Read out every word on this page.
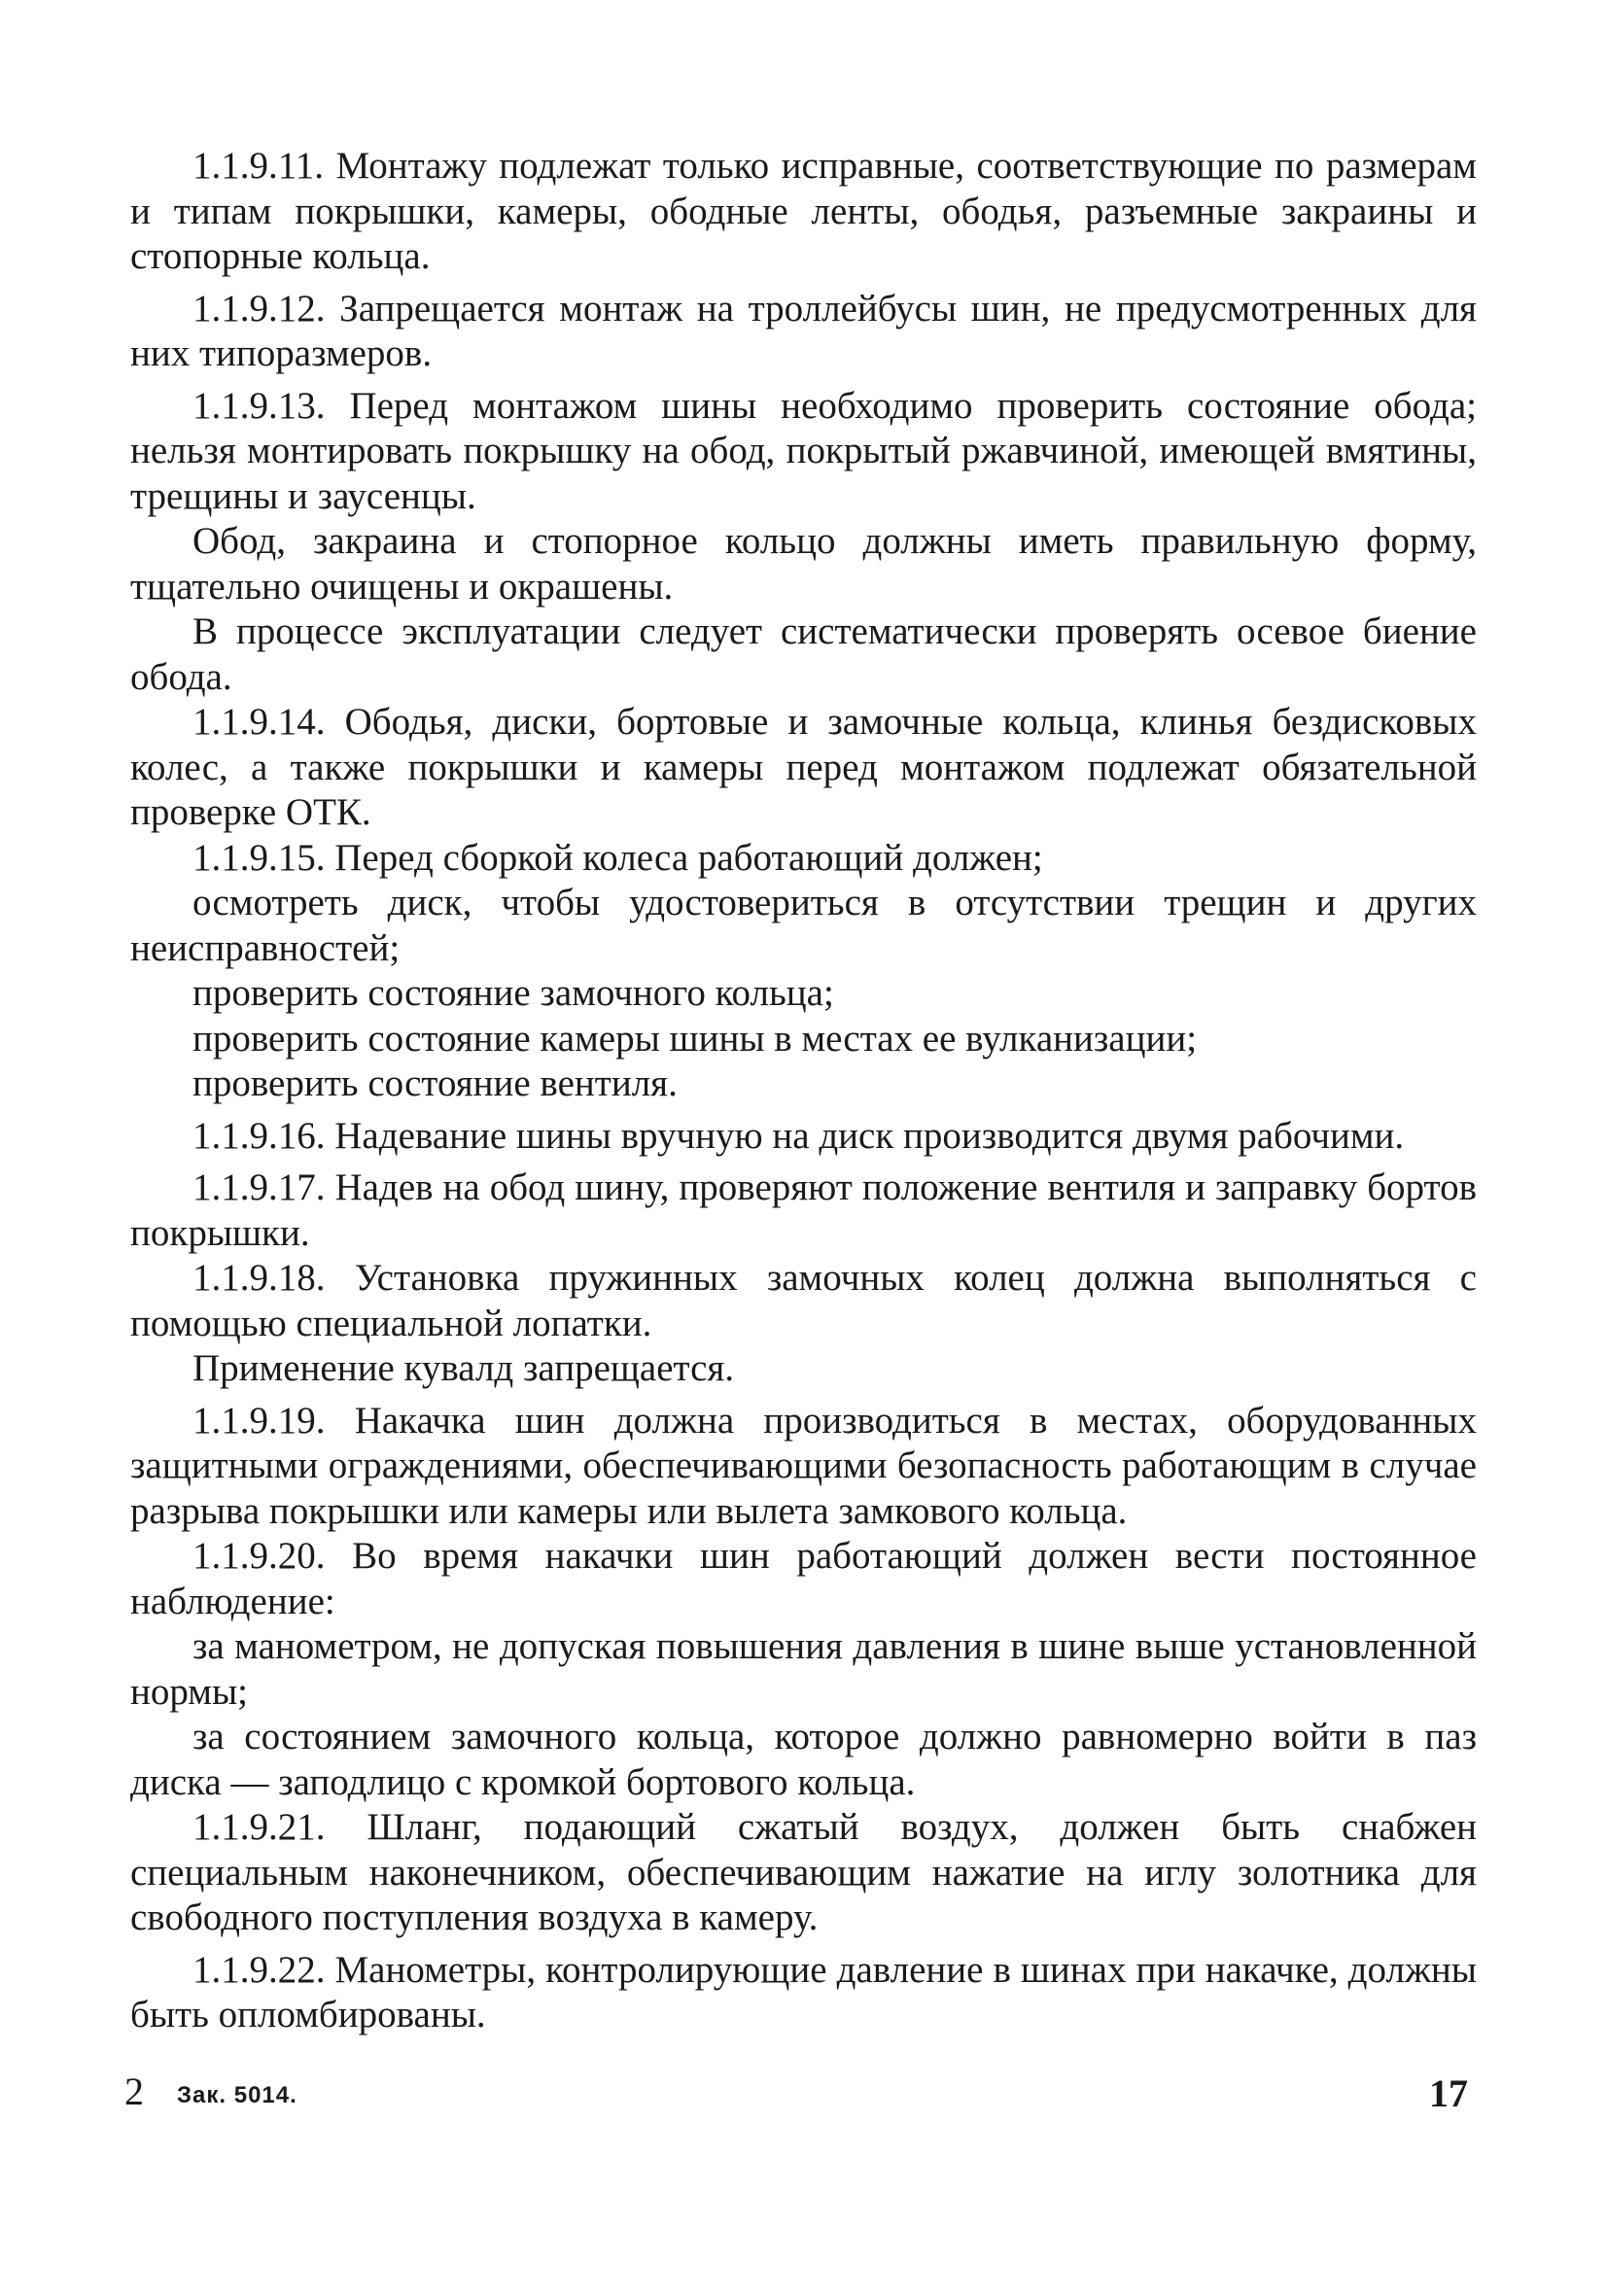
1.1.9.11. Монтажу подлежат только исправные, соответствующие по размерам и типам покрышки, камеры, ободные ленты, ободья, разъемные закраины и стопорные кольца.

1.1.9.12. Запрещается монтаж на троллейбусы шин, не предусмотренных для них типоразмеров.

1.1.9.13. Перед монтажом шины необходимо проверить состояние обода; нельзя монтировать покрышку на обод, покрытый ржавчиной, имеющей вмятины, трещины и заусенцы.

Обод, закраина и стопорное кольцо должны иметь правильную форму, тщательно очищены и окрашены.

В процессе эксплуатации следует систематически проверять осевое биение обода.

1.1.9.14. Ободья, диски, бортовые и замочные кольца, клинья бездисковых колес, а также покрышки и камеры перед монтажом подлежат обязательной проверке ОТК.

1.1.9.15. Перед сборкой колеса работающий должен;

осмотреть диск, чтобы удостовериться в отсутствии трещин и других неисправностей;

проверить состояние замочного кольца;

проверить состояние камеры шины в местах ее вулканизации;

проверить состояние вентиля.

1.1.9.16. Надевание шины вручную на диск производится двумя рабочими.

1.1.9.17. Надев на обод шину, проверяют положение вентиля и заправку бортов покрышки.

1.1.9.18. Установка пружинных замочных колец должна выполняться с помощью специальной лопатки.

Применение кувалд запрещается.

1.1.9.19. Накачка шин должна производиться в местах, оборудованных защитными ограждениями, обеспечивающими безопасность работающим в случае разрыва покрышки или камеры или вылета замкового кольца.

1.1.9.20. Во время накачки шин работающий должен вести постоянное наблюдение:

за манометром, не допуская повышения давления в шине выше установленной нормы;

за состоянием замочного кольца, которое должно равномерно войти в паз диска — заподлицо с кромкой бортового кольца.

1.1.9.21. Шланг, подающий сжатый воздух, должен быть снабжен специальным наконечником, обеспечивающим нажатие на иглу золотника для свободного поступления воздуха в камеру.

1.1.9.22. Манометры, контролирующие давление в шинах при накачке, должны быть опломбированы.

2 Зак. 5014.	17
